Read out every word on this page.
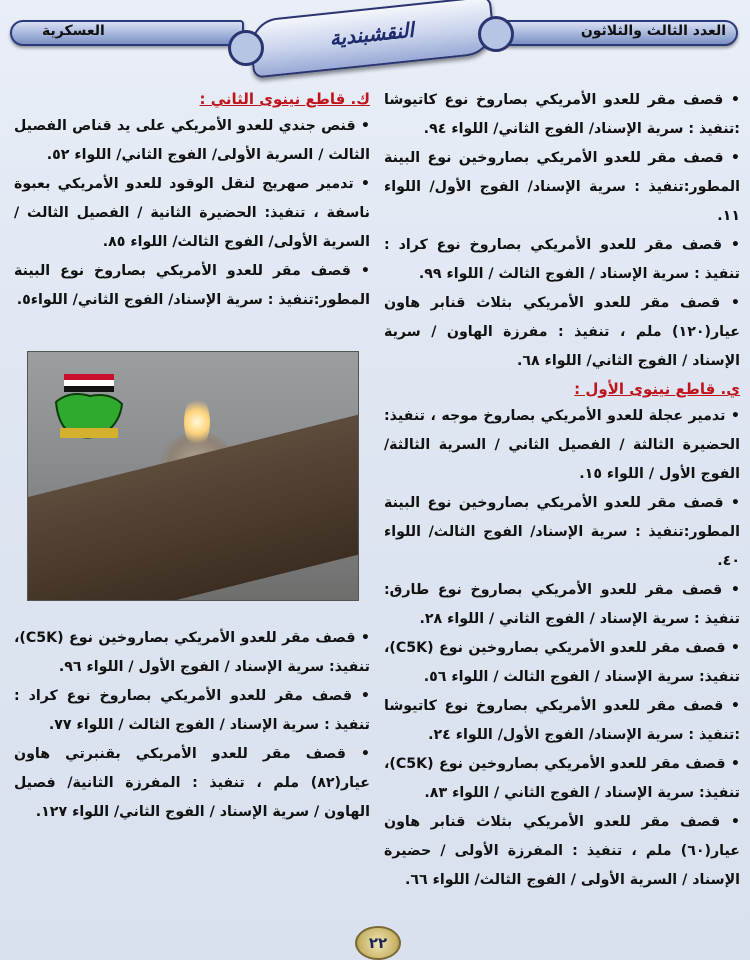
العدد الثالث والثلاثون
العسكرية	النقشبندية
• قصف مقر للعدو الأمريكي بصاروخ نوع كاتيوشا :تنفيذ : سرية الإسناد/ الفوج الثاني/ اللواء ٩٤.
• قصف مقر للعدو الأمريكي بصاروخين نوع البينة المطور:تنفيذ : سرية الإسناد/ الفوج الأول/ اللواء ١١.
• قصف مقر للعدو الأمريكي بصاروخ نوع كراد : تنفيذ : سرية الإسناد / الفوج الثالث / اللواء ٩٩.
• قصف مقر للعدو الأمريكي بثلاث قنابر هاون عيار(١٢٠) ملم ، تنفيذ : مفرزة الهاون / سرية الإسناد / الفوج الثاني/ اللواء ٦٨.
ي. قاطع نينوى الأول :
• تدمير عجلة للعدو الأمريكي بصاروخ موجه ، تنفيذ: الحضيرة الثالثة / الفصيل الثاني / السرية الثالثة/ الفوج الأول / اللواء ١٥.
• قصف مقر للعدو الأمريكي بصاروخين نوع البينة المطور:تنفيذ : سرية الإسناد/ الفوج الثالث/ اللواء ٤٠.
• قصف مقر للعدو الأمريكي بصاروخ نوع طارق: تنفيذ : سرية الإسناد / الفوج الثاني / اللواء ٢٨.
• قصف مقر للعدو الأمريكي بصاروخين نوع (C5K)، تنفيذ: سرية الإسناد / الفوج الثالث / اللواء ٥٦.
• قصف مقر للعدو الأمريكي بصاروخ نوع كاتيوشا :تنفيذ : سرية الإسناد/ الفوج الأول/ اللواء ٢٤.
• قصف مقر للعدو الأمريكي بصاروخين نوع (C5K)، تنفيذ: سرية الإسناد / الفوج الثاني / اللواء ٨٣.
• قصف مقر للعدو الأمريكي بثلاث قنابر هاون عيار(٦٠) ملم ، تنفيذ : المفرزة الأولى / حضيرة الإسناد / السرية الأولى / الفوج الثالث/ اللواء ٦٦.
ك. قاطع نينوى الثاني :
• قنص جندي للعدو الأمريكي على يد قناص الفصيل الثالث / السرية الأولى/ الفوج الثاني/ اللواء ٥٢.
• تدمير صهريج لنقل الوقود للعدو الأمريكي بعبوة ناسفة ، تنفيذ: الحضيرة الثانية / الفصيل الثالث / السرية الأولى/ الفوج الثالث/ اللواء ٨٥.
• قصف مقر للعدو الأمريكي بصاروخ نوع البينة المطور:تنفيذ : سرية الإسناد/ الفوج الثاني/ اللواء٥.
• قصف مقر للعدو الأمريكي بصاروخين نوع (C5K)، تنفيذ: سرية الإسناد / الفوج الأول / اللواء ٩٦.
• قصف مقر للعدو الأمريكي بصاروخ نوع كراد : تنفيذ : سرية الإسناد / الفوج الثالث / اللواء ٧٧.
• قصف مقر للعدو الأمريكي بقنبرتي هاون عيار(٨٢) ملم ، تنفيذ : المفرزة الثانية/ فصيل الهاون / سرية الإسناد / الفوج الثاني/ اللواء ١٢٧.
٢٢
